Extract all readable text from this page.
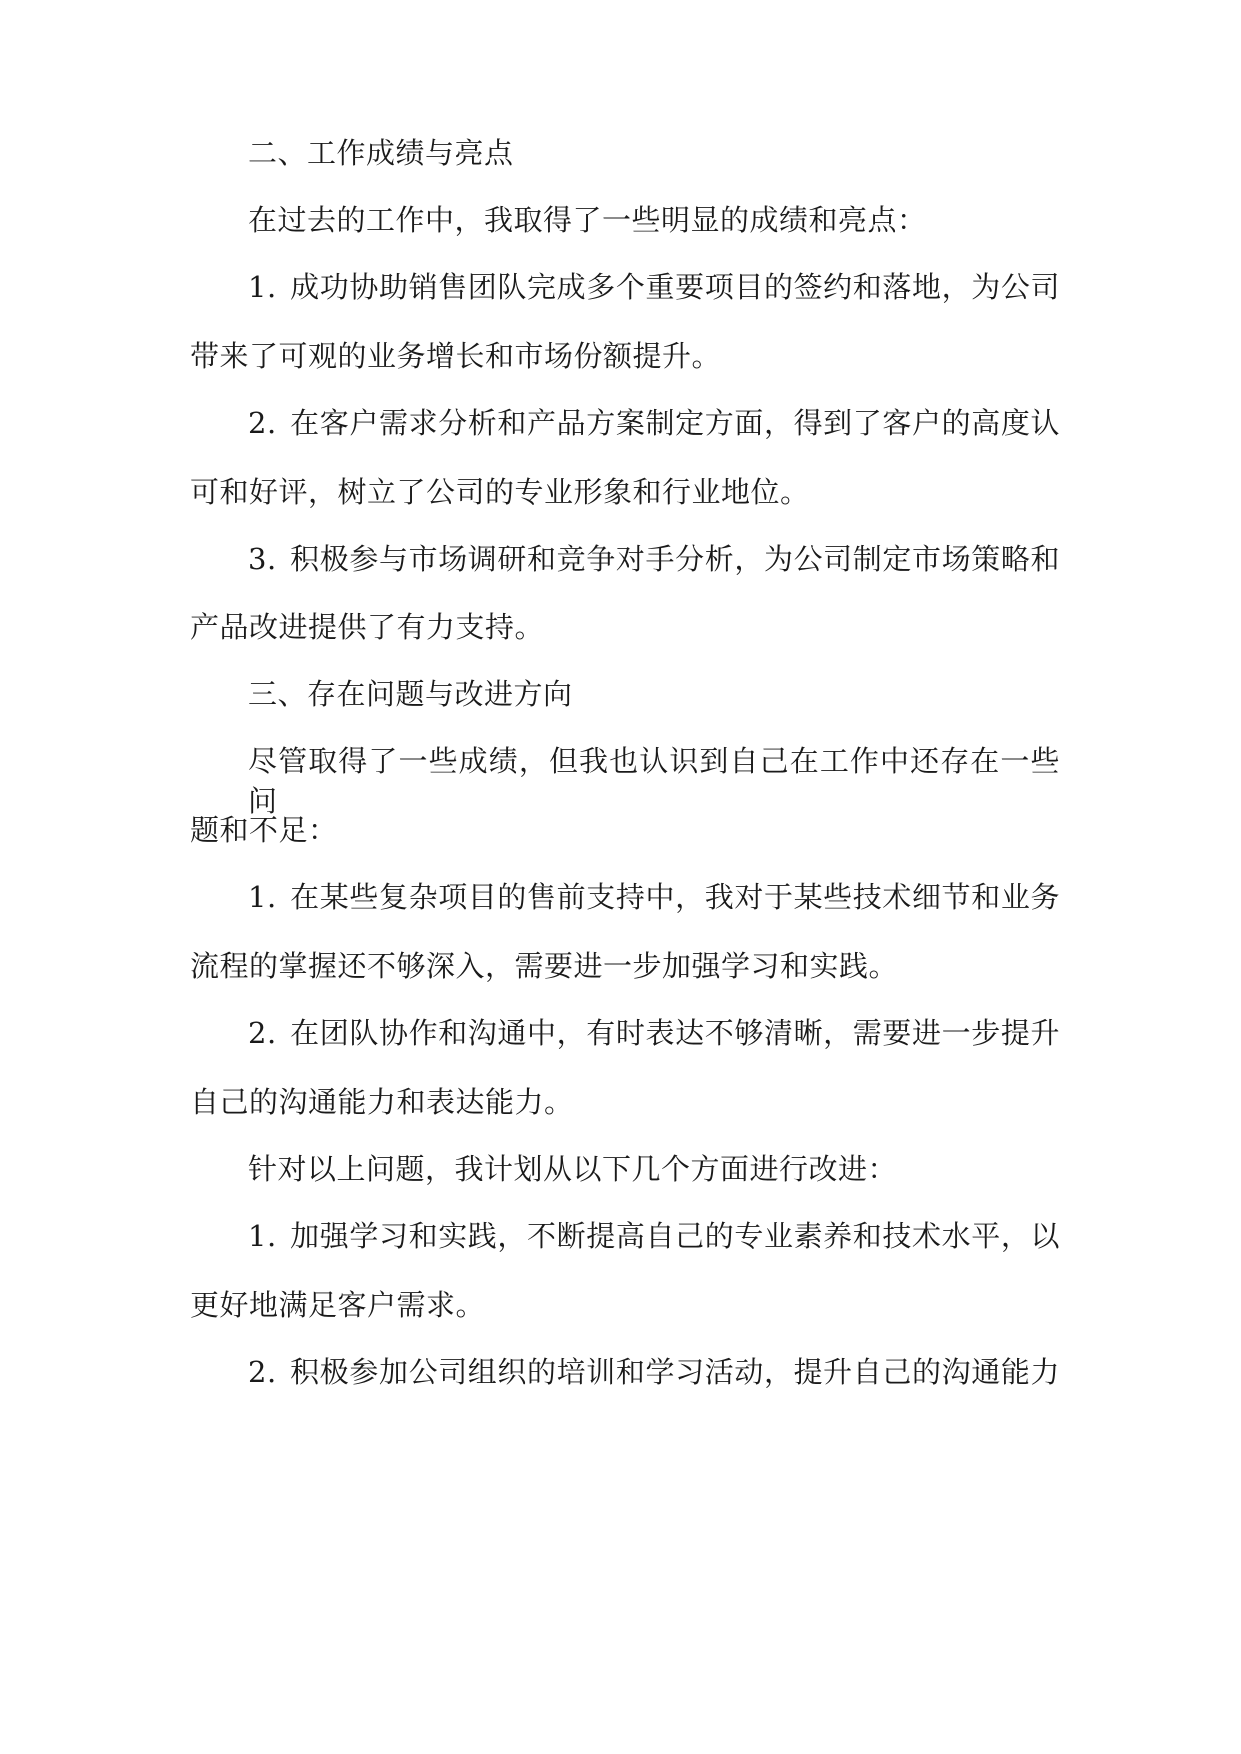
二、工作成绩与亮点
在过去的工作中，我取得了一些明显的成绩和亮点：
1. 成功协助销售团队完成多个重要项目的签约和落地，为公司
带来了可观的业务增长和市场份额提升。
2. 在客户需求分析和产品方案制定方面，得到了客户的高度认
可和好评，树立了公司的专业形象和行业地位。
3. 积极参与市场调研和竞争对手分析，为公司制定市场策略和
产品改进提供了有力支持。
三、存在问题与改进方向
尽管取得了一些成绩，但我也认识到自己在工作中还存在一些问
题和不足：
1. 在某些复杂项目的售前支持中，我对于某些技术细节和业务
流程的掌握还不够深入，需要进一步加强学习和实践。
2. 在团队协作和沟通中，有时表达不够清晰，需要进一步提升
自己的沟通能力和表达能力。
针对以上问题，我计划从以下几个方面进行改进：
1. 加强学习和实践，不断提高自己的专业素养和技术水平，以
更好地满足客户需求。
2. 积极参加公司组织的培训和学习活动，提升自己的沟通能力
